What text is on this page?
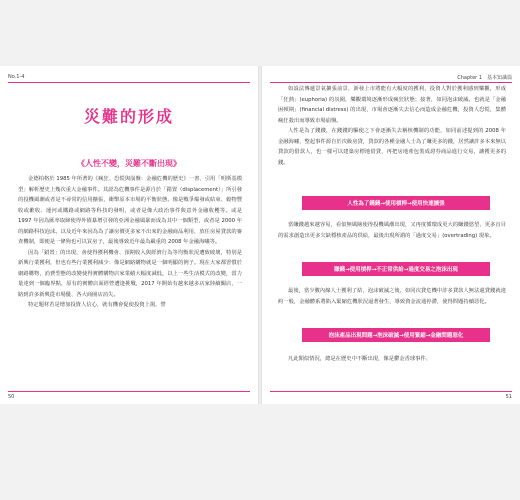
No.1-4
災難的形成
《人性不變，災難不斷出現》

金德柏格於 1985 年所著的《瘋狂、恐慌與崩盤：金融危機的歷史》一書，引用「明斯基模型」解析歷史上幾次重大金融事件。其認為危機事件是源自於「錯置（displacement）」所引發的投機風潮或者是不尋常的信用擴張，衝擊原本市場的平衡狀態。像是戰爭爆發或結束、穀物豐收或歉收、運河或鐵路或網路等科技的發明，或者是像大政治事件與意外金融收穫等。或是 1997 年因為匯率取締使得外債暴增引發的亞洲金融風暴而成為其中一個類型，或者是 2000 年的網路科技泡沫。以及近年來因為為了讓房價更多家不出來的金融商品利用，放任房屋貸款的審查機制，即便是一條狗也可以買房子，最後導致近年最為嚴重的 2008 年金融海嘯等。

因為「錯置」的出現，會使得獲利機會、預期收入與經濟行為等均衡狀況遭致破壞，特別是新興行業獲利，但也有些行業獲利減少：像是網路購物就是一個明顯的例子。現在大家都習慣於網路購物，消費型態的改變使得實體購物店家業績大幅度減低，以上一些生活模式的改變，當力量達到一個臨界點，原有的實體店面經營遭逢挑戰，2017 年開始有越來越多店家陸續關店，一路到許多新興從市場優、各大商圈店消失。

特定題材若是增加投資人信心，就有機會促使投資上揚，譬

50
Chapter 1　基本知識篇

如設法傳遞景氣擴張前景，新發上市將能有大幅度的獲利，投資人對於獲利感到樂觀，形成「狂熱」(euphoria) 的氛圍，樂觀環境逐漸形成瘋狂狀態；接著，如同泡沫破滅，也就是「金融困頓期」(financial distress) 的出現，市場會逐漸失去信心而造成金融危機，投資人恐慌，集體瘋狂殺出而導致市場崩盤。

人性是為了錢錢，在錢錢的驅使之下會逐漸失去稱核機制的功能，如同前述提到的 2008 年金融海嘯，整起事件源自於次級房貸，貸款的各種金融人士為了賺更多的錢，居然讓許多本來無以貸款的借款人，也一樣可以建築房標地借貸，再把房地產包裝成證券商品進行交易，讓獲更多的錢。

人性為了錢錢→使用槓桿→使用快速擴張

當賺錢越來越容易，看似無風險使得投機風潮出現，又再度循環成更大的賺錢慾望，更多盲目的需求創造出更多欠缺穩核產品的供給，最後出現所謂的「過度交易」(overtrading) 現象。

賺錢→使用槓桿→不正常供給→過度交易之泡沫出現

最後，當少數內線人士獲利了結，泡沫破滅之後，如同次貸危機中許多貸款人無法還貸錢就違約一般，金融體系將陷入緊縮危機狀況逼著發生，導致資金流通停滯，使得問題持續惡化。

泡沫產品出現問題→泡沫破滅→使用緊縮→金融問題惡化

凡此類似情況，總是在歷史中不斷出現，像是鬱金香球事件、

51
